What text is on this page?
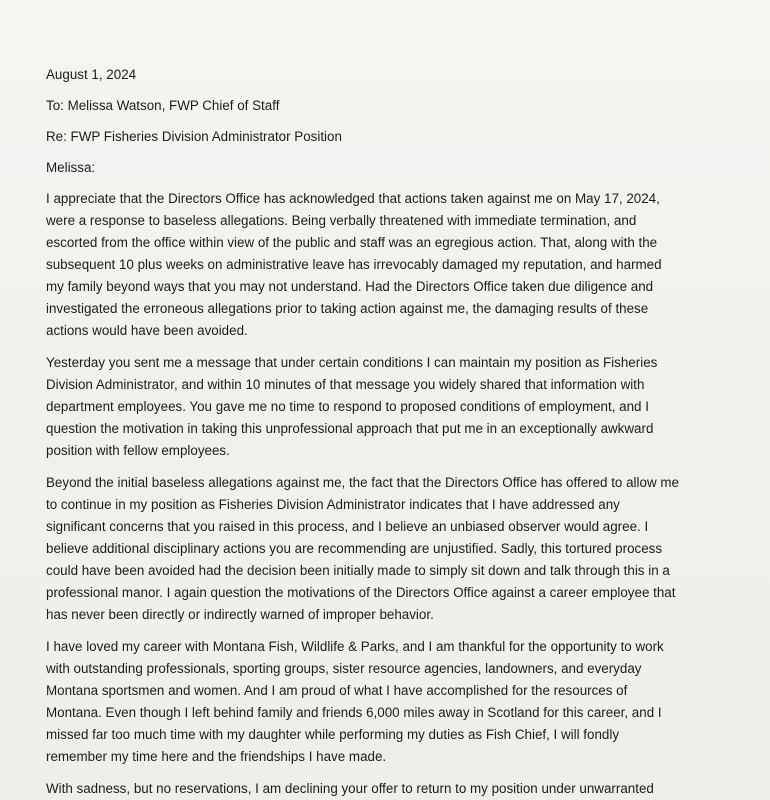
August 1, 2024
To: Melissa Watson, FWP Chief of Staff
Re: FWP Fisheries Division Administrator Position
Melissa:
I appreciate that the Directors Office has acknowledged that actions taken against me on May 17, 2024,
were a response to baseless allegations. Being verbally threatened with immediate termination, and
escorted from the office within view of the public and staff was an egregious action. That, along with the
subsequent 10 plus weeks on administrative leave has irrevocably damaged my reputation, and harmed
my family beyond ways that you may not understand. Had the Directors Office taken due diligence and
investigated the erroneous allegations prior to taking action against me, the damaging results of these
actions would have been avoided.
Yesterday you sent me a message that under certain conditions I can maintain my position as Fisheries
Division Administrator, and within 10 minutes of that message you widely shared that information with
department employees. You gave me no time to respond to proposed conditions of employment, and I
question the motivation in taking this unprofessional approach that put me in an exceptionally awkward
position with fellow employees.
Beyond the initial baseless allegations against me, the fact that the Directors Office has offered to allow me
to continue in my position as Fisheries Division Administrator indicates that I have addressed any
significant concerns that you raised in this process, and I believe an unbiased observer would agree. I
believe additional disciplinary actions you are recommending are unjustified. Sadly, this tortured process
could have been avoided had the decision been initially made to simply sit down and talk through this in a
professional manor. I again question the motivations of the Directors Office against a career employee that
has never been directly or indirectly warned of improper behavior.
I have loved my career with Montana Fish, Wildlife & Parks, and I am thankful for the opportunity to work
with outstanding professionals, sporting groups, sister resource agencies, landowners, and everyday
Montana sportsmen and women. And I am proud of what I have accomplished for the resources of
Montana. Even though I left behind family and friends 6,000 miles away in Scotland for this career, and I
missed far too much time with my daughter while performing my duties as Fish Chief, I will fondly
remember my time here and the friendships I have made.
With sadness, but no reservations, I am declining your offer to return to my position under unwarranted
